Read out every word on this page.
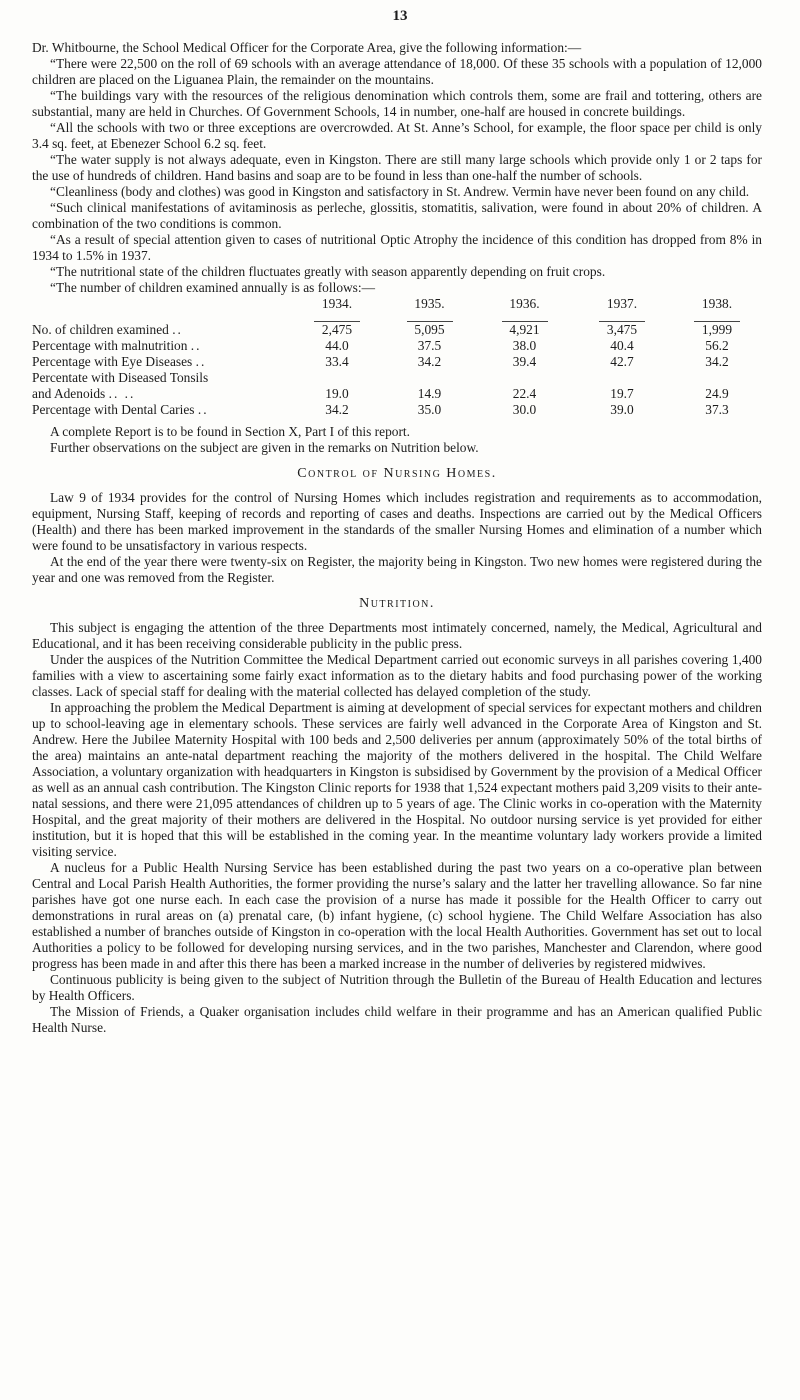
13

Dr. Whitbourne, the School Medical Officer for the Corporate Area, give the following information:—

“There were 22,500 on the roll of 69 schools with an average attendance of 18,000. Of these 35 schools with a population of 12,000 children are placed on the Liguanea Plain, the remainder on the mountains.

“The buildings vary with the resources of the religious denomination which controls them, some are frail and tottering, others are substantial, many are held in Churches. Of Government Schools, 14 in number, one-half are housed in concrete buildings.

“All the schools with two or three exceptions are overcrowded. At St. Anne’s School, for example, the floor space per child is only 3.4 sq. feet, at Ebenezer School 6.2 sq. feet.

“The water supply is not always adequate, even in Kingston. There are still many large schools which provide only 1 or 2 taps for the use of hundreds of children. Hand basins and soap are to be found in less than one-half the number of schools.

“Cleanliness (body and clothes) was good in Kingston and satisfactory in St. Andrew. Vermin have never been found on any child.

“Such clinical manifestations of avitaminosis as perleche, glossitis, stomatitis, salivation, were found in about 20% of children. A combination of the two conditions is common.

“As a result of special attention given to cases of nutritional Optic Atrophy the incidence of this condition has dropped from 8% in 1934 to 1.5% in 1937.

“The nutritional state of the children fluctuates greatly with season apparently depending on fruit crops.

“The number of children examined annually is as follows:—

	1934.	1935.	1936.	1937.	1938.

No. of children examined ..	2,475	5,095	4,921	3,475	1,999
Percentage with malnutrition ..	44.0	37.5	38.0	40.4	56.2
Percentage with Eye Diseases ..	33.4	34.2	39.4	42.7	34.2
Percentate with Diseased Tonsils					
and Adenoids .. ..	19.0	14.9	22.4	19.7	24.9
Percentage with Dental Caries ..	34.2	35.0	30.0	39.0	37.3

A complete Report is to be found in Section X, Part I of this report.

Further observations on the subject are given in the remarks on Nutrition below.

Control of Nursing Homes.

Law 9 of 1934 provides for the control of Nursing Homes which includes registration and requirements as to accommodation, equipment, Nursing Staff, keeping of records and reporting of cases and deaths. Inspections are carried out by the Medical Officers (Health) and there has been marked improvement in the standards of the smaller Nursing Homes and elimination of a number which were found to be unsatisfactory in various respects.

At the end of the year there were twenty-six on Register, the majority being in Kingston. Two new homes were registered during the year and one was removed from the Register.

Nutrition.

This subject is engaging the attention of the three Departments most intimately concerned, namely, the Medical, Agricultural and Educational, and it has been receiving considerable publicity in the public press.

Under the auspices of the Nutrition Committee the Medical Department carried out economic surveys in all parishes covering 1,400 families with a view to ascertaining some fairly exact information as to the dietary habits and food purchasing power of the working classes. Lack of special staff for dealing with the material collected has delayed completion of the study.

In approaching the problem the Medical Department is aiming at development of special services for expectant mothers and children up to school-leaving age in elementary schools. These services are fairly well advanced in the Corporate Area of Kingston and St. Andrew. Here the Jubilee Maternity Hospital with 100 beds and 2,500 deliveries per annum (approximately 50% of the total births of the area) maintains an ante-natal department reaching the majority of the mothers delivered in the hospital. The Child Welfare Association, a voluntary organization with headquarters in Kingston is subsidised by Government by the provision of a Medical Officer as well as an annual cash contribution. The Kingston Clinic reports for 1938 that 1,524 expectant mothers paid 3,209 visits to their ante-natal sessions, and there were 21,095 attendances of children up to 5 years of age. The Clinic works in co-operation with the Maternity Hospital, and the great majority of their mothers are delivered in the Hospital. No outdoor nursing service is yet provided for either institution, but it is hoped that this will be established in the coming year. In the meantime voluntary lady workers provide a limited visiting service.

A nucleus for a Public Health Nursing Service has been established during the past two years on a co-operative plan between Central and Local Parish Health Authorities, the former providing the nurse’s salary and the latter her travelling allowance. So far nine parishes have got one nurse each. In each case the provision of a nurse has made it possible for the Health Officer to carry out demonstrations in rural areas on (a) prenatal care, (b) infant hygiene, (c) school hygiene. The Child Welfare Association has also established a number of branches outside of Kingston in co-operation with the local Health Authorities. Government has set out to local Authorities a policy to be followed for developing nursing services, and in the two parishes, Manchester and Clarendon, where good progress has been made in and after this there has been a marked increase in the number of deliveries by registered midwives.

Continuous publicity is being given to the subject of Nutrition through the Bulletin of the Bureau of Health Education and lectures by Health Officers.

The Mission of Friends, a Quaker organisation includes child welfare in their programme and has an American qualified Public Health Nurse.
